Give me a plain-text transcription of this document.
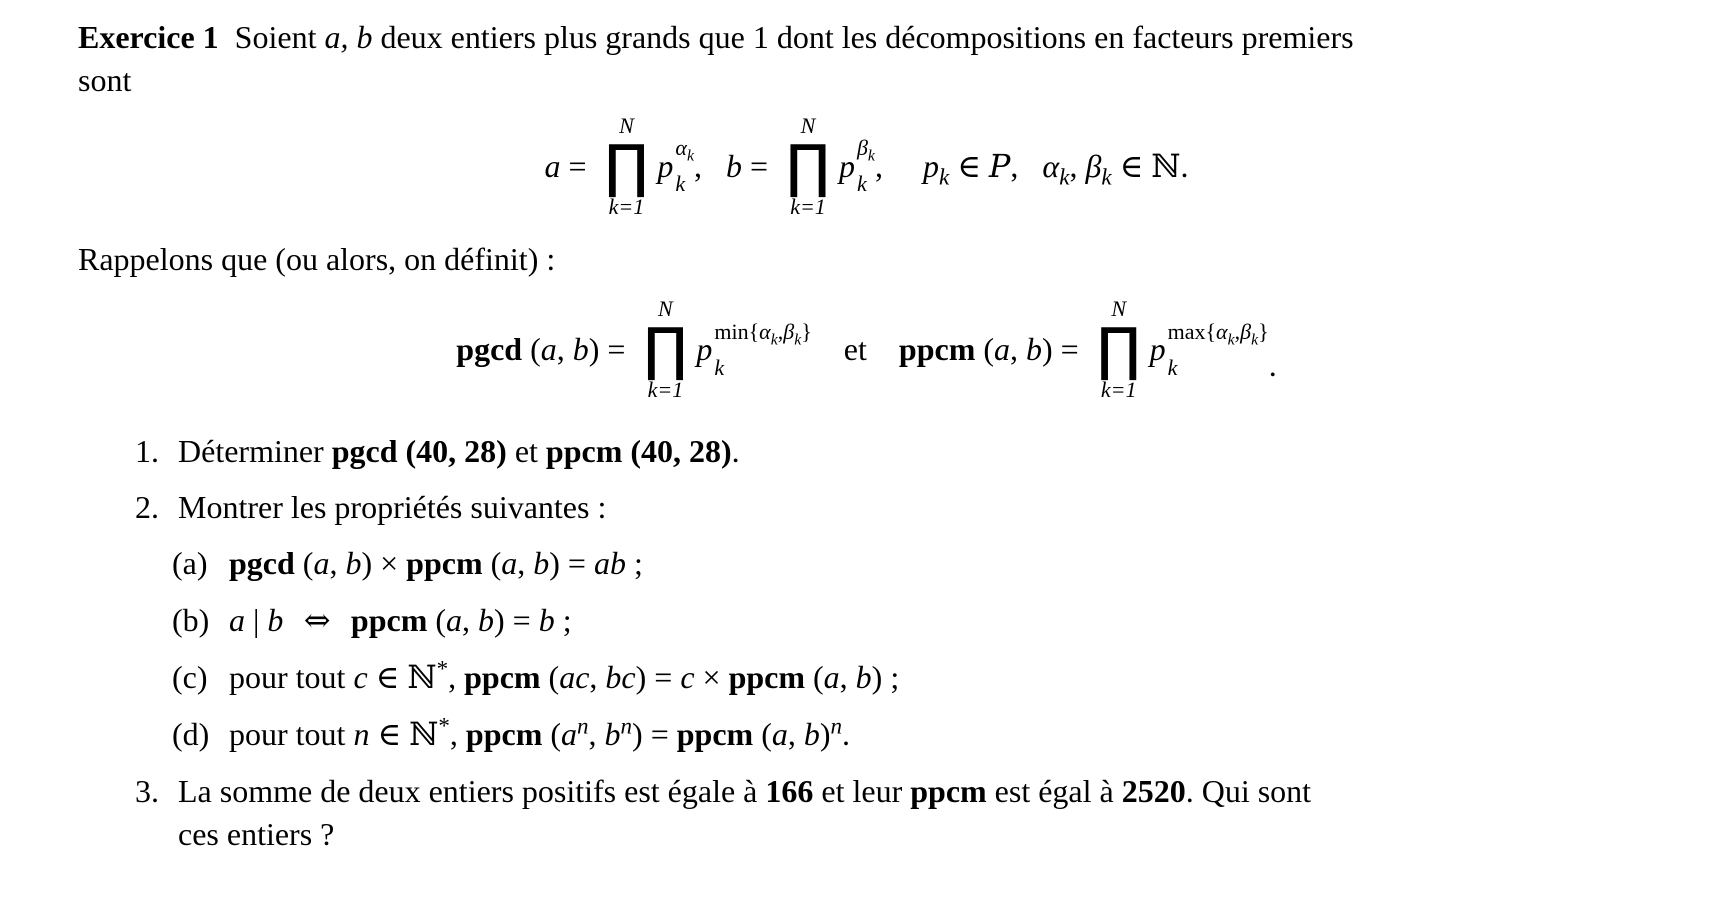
Exercice 1  Soient a, b deux entiers plus grands que 1 dont les décompositions en facteurs premiers
sont
a =
N
∏
k=1
p
$\alpha_k$
k ,  b =
N
∏
k=1
p
$\beta_k$
k ,  $p_k$ ∈ P,  $\alpha_k$, $\beta_k$ ∈ ℕ.
Rappelons que (ou alors, on définit) :
pgcd (a, b) =
N
∏
k=1
p
$\min\{\alpha_k,\beta_k\}$
k	 et  ppcm (a, b) =
N
∏
k=1
p
$\max\{\alpha_k,\beta_k\}$
k	.
1. Déterminer pgcd (40, 28) et ppcm (40, 28).
2. Montrer les propriétés suivantes :
(a) pgcd (a, b) × ppcm (a, b) = ab ;
(b) a | b  ⇔  ppcm (a, b) = b ;
(c) pour tout c ∈ ℕ*, ppcm (ac, bc) = c × ppcm (a, b) ;
(d) pour tout n ∈ ℕ*, ppcm ($a^n$, $b^n$) = ppcm (a, b)$^n$.
3. La somme de deux entiers positifs est égale à 166 et leur ppcm est égal à 2520. Qui sont
ces entiers ?
